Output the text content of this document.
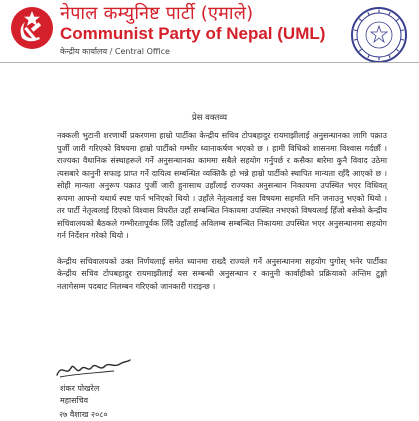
नेपाल कम्युनिष्ट पार्टी (एमाले)
Communist Party of Nepal (UML)
केन्द्रीय कार्यालय / Central Office
प्रेस वक्तव्य

नक्कली भुटानी शरणार्थी प्रकरणमा हाम्रो पार्टीका केन्द्रीय सचिव टोपबहादुर रायमाझीलाई अनुसन्धानका लागि पक्राउ पुर्जी जारी गरिएको विषयमा हाम्रो पार्टीको गम्भीर ध्यानाकर्षण भएको छ । हामी विधिको शासनमा विश्वास गर्दछौं । राज्यका वैधानिक संस्थाहरूले गर्ने अनुसन्धानका काममा सबैले सहयोग गर्नुपर्छ र कसैका बारेमा कुनै विवाद उठेमा त्यसबारे कानुनी सफाइ प्राप्त गर्ने दायित्व सम्बन्धित व्यक्तिकै हो भन्ने हाम्रो पार्टीको स्थापित मान्यता रहँदै आएको छ । सोही मान्यता अनुरूप पक्राउ पुर्जी जारी हुनासाथ उहाँलाई राज्यका अनुसन्धान निकायमा उपस्थित भएर विधिवत् रूपमा आफ्नो यथार्थ स्पष्ट पार्न भनिएको थियो । उहाँले नेतृत्वलाई यस विषयमा सहमति मनि जनाउनु भएको थियो । तर पार्टी नेतृत्वलाई दिएको विश्वास विपरीत उहाँ सम्बन्धित निकायमा उपस्थित नभएको विषयलाई हिँजो बसेको केन्द्रीय सचिवालयको बैठकले गम्भीरतापूर्वक लिँदै उहाँलाई अविलम्ब सम्बन्धित निकायमा उपस्थित भएर अनुसन्धानमा सहयोग गर्न निर्देशन गरेको थियो ।

केन्द्रीय सचिवालयको उक्त निर्णयलाई समेत ध्यानमा राख्दै राज्यले गर्ने अनुसन्धानमा सहयोग पुगोस् भनेर पार्टीका केन्द्रीय सचिव टोपबहादुर रायमाझीलाई यस सम्बन्धी अनुसन्धान र कानुनी कार्वाहीको प्रक्रियाको अन्तिम टुङ्गो नलागेसम्म पदबाट निलम्बन गरिएको जानकारी गराइन्छ ।

शंकर पोखरेल
महासचिव
२७ वैशाख २०८०
